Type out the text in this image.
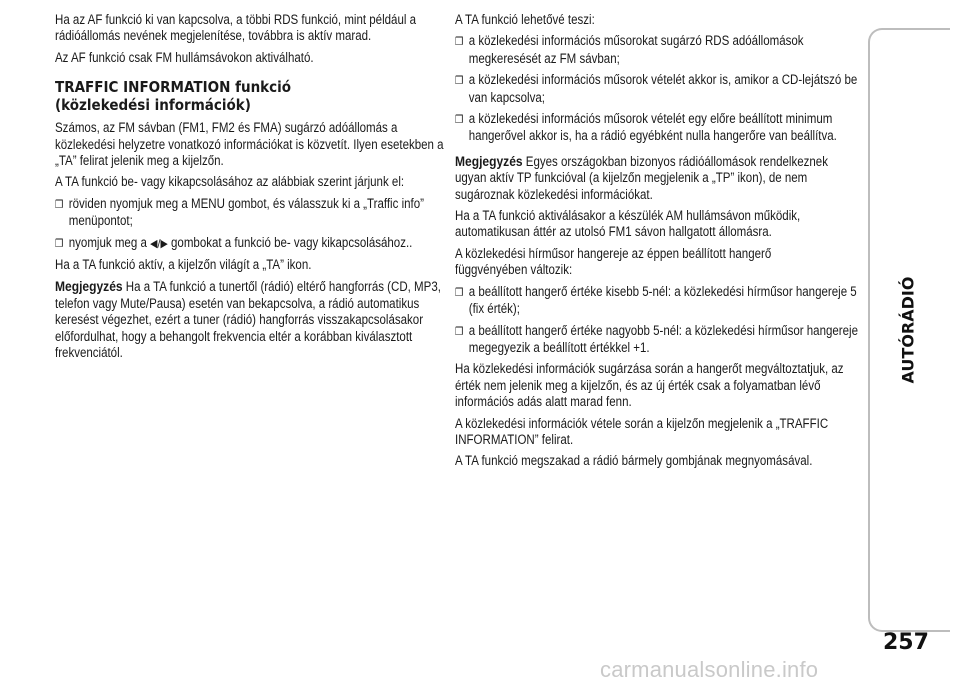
Ha az AF funkció ki van kapcsolva, a többi RDS funkció, mint például a rádióállomás nevének megjelenítése, továbbra is aktív marad.

Az AF funkció csak FM hullámsávokon aktiválható.

TRAFFIC INFORMATION funkció
(közlekedési információk)

Számos, az FM sávban (FM1, FM2 és FMA) sugárzó adóállomás a közlekedési helyzetre vonatkozó információkat is közvetít. Ilyen esetekben a „TA” felirat jelenik meg a kijelzőn.

A TA funkció be- vagy kikapcsolásához az alábbiak szerint járjunk el:

❒ röviden nyomjuk meg a MENU gombot, és válasszuk ki a „Traffic info” menüpontot;

❒ nyomjuk meg a ◀/▶ gombokat a funkció be- vagy kikapcsolásához..

Ha a TA funkció aktív, a kijelzőn világít a „TA” ikon.

Megjegyzés Ha a TA funkció a tunertől (rádió) eltérő hangforrás (CD, MP3, telefon vagy Mute/Pausa) esetén van bekapcsolva, a rádió automatikus keresést végezhet, ezért a tuner (rádió) hangforrás visszakapcsolásakor előfordulhat, hogy a behangolt frekvencia eltér a korábban kiválasztott frekvenciától.

A TA funkció lehetővé teszi:

❒ a közlekedési információs műsorokat sugárzó RDS adóállomások megkeresését az FM sávban;

❒ a közlekedési információs műsorok vételét akkor is, amikor a CD-lejátszó be van kapcsolva;

❒ a közlekedési információs műsorok vételét egy előre beállított minimum hangerővel akkor is, ha a rádió egyébként nulla hangerőre van beállítva.

Megjegyzés Egyes országokban bizonyos rádióállomások rendelkeznek ugyan aktív TP funkcióval (a kijelzőn megjelenik a „TP” ikon), de nem sugároznak közlekedési információkat.

Ha a TA funkció aktiválásakor a készülék AM hullámsávon működik, automatikusan áttér az utolsó FM1 sávon hallgatott állomásra.

A közlekedési hírműsor hangereje az éppen beállított hangerő függvényében változik:

❒ a beállított hangerő értéke kisebb 5-nél: a közlekedési hírműsor hangereje 5 (fix érték);

❒ a beállított hangerő értéke nagyobb 5-nél: a közlekedési hírműsor hangereje megegyezik a beállított értékkel +1.

Ha közlekedési információk sugárzása során a hangerőt megváltoztatjuk, az érték nem jelenik meg a kijelzőn, és az új érték csak a folyamatban lévő információs adás alatt marad fenn.

A közlekedési információk vétele során a kijelzőn megjelenik a „TRAFFIC INFORMATION” felirat.

A TA funkció megszakad a rádió bármely gombjának megnyomásával.

AUTÓRÁDIÓ
257
carmanualsonline.info
